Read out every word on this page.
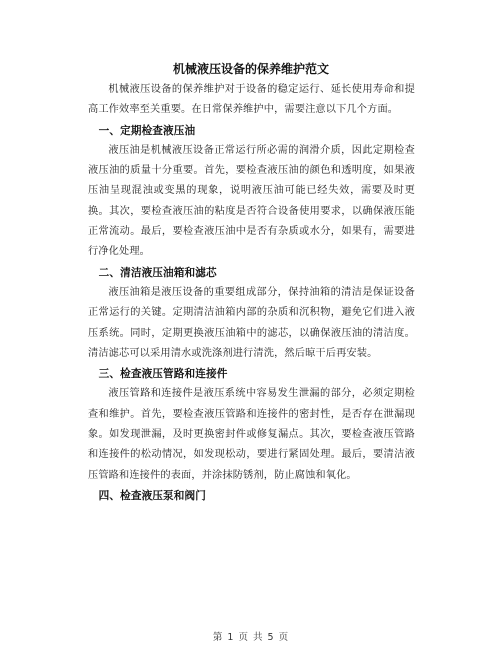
机械液压设备的保养维护范文

机械液压设备的保养维护对于设备的稳定运行、延长使用寿命和提高工作效率至关重要。在日常保养维护中，需要注意以下几个方面。

一、定期检查液压油

液压油是机械液压设备正常运行所必需的润滑介质，因此定期检查液压油的质量十分重要。首先，要检查液压油的颜色和透明度，如果液压油呈现混浊或变黑的现象，说明液压油可能已经失效，需要及时更换。其次，要检查液压油的粘度是否符合设备使用要求，以确保液压能正常流动。最后，要检查液压油中是否有杂质或水分，如果有，需要进行净化处理。

二、清洁液压油箱和滤芯

液压油箱是液压设备的重要组成部分，保持油箱的清洁是保证设备正常运行的关键。定期清洁油箱内部的杂质和沉积物，避免它们进入液压系统。同时，定期更换液压油箱中的滤芯，以确保液压油的清洁度。清洁滤芯可以采用清水或洗涤剂进行清洗，然后晾干后再安装。

三、检查液压管路和连接件

液压管路和连接件是液压系统中容易发生泄漏的部分，必须定期检查和维护。首先，要检查液压管路和连接件的密封性，是否存在泄漏现象。如发现泄漏，及时更换密封件或修复漏点。其次，要检查液压管路和连接件的松动情况，如发现松动，要进行紧固处理。最后，要清洁液压管路和连接件的表面，并涂抹防锈剂，防止腐蚀和氧化。

四、检查液压泵和阀门

第 1 页 共 5 页
